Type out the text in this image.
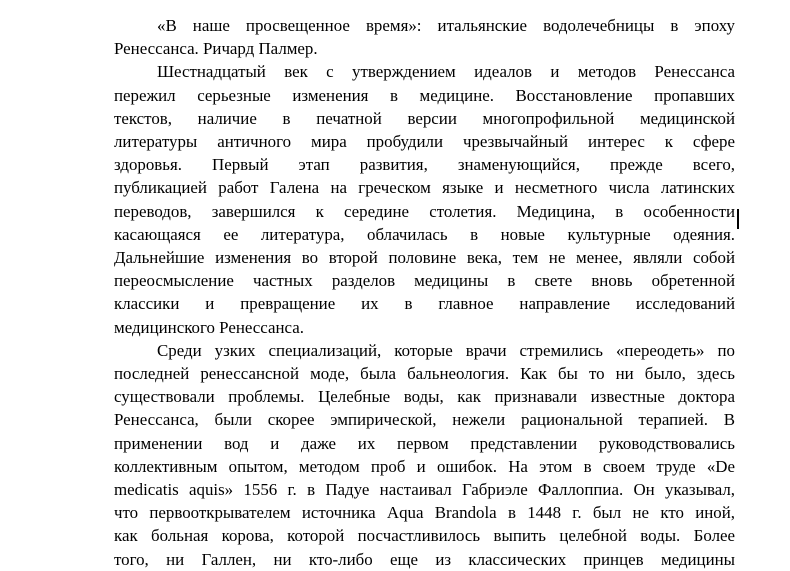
«В наше просвещенное время»: итальянские водолечебницы в эпоху
Ренессанса. Ричард Палмер.
Шестнадцатый век с утверждением идеалов и методов Ренессанса
пережил серьезные изменения в медицине. Восстановление пропавших
текстов, наличие в печатной версии многопрофильной медицинской
литературы античного мира пробудили чрезвычайный интерес к сфере
здоровья. Первый этап развития, знаменующийся, прежде всего,
публикацией работ Галена на греческом языке и несметного числа латинских
переводов, завершился к середине столетия. Медицина, в особенности
касающаяся ее литература, облачилась в новые культурные одеяния.
Дальнейшие изменения во второй половине века, тем не менее, являли собой
переосмысление частных разделов медицины в свете вновь обретенной
классики и превращение их в главное направление исследований
медицинского Ренессанса.
Среди узких специализаций, которые врачи стремились «переодеть» по
последней ренессансной моде, была бальнеология. Как бы то ни было, здесь
существовали проблемы. Целебные воды, как признавали известные доктора
Ренессанса, были скорее эмпирической, нежели рациональной терапией. В
применении вод и даже их первом представлении руководствовались
коллективным опытом, методом проб и ошибок. На этом в своем труде «De
medicatis aquis» 1556 г. в Падуе настаивал Габриэле Фаллоппиа. Он указывал,
что первооткрывателем источника Aqua Brandola в 1448 г. был не кто иной,
как больная корова, которой посчастливилось выпить целебной воды. Более
того, ни Галлен, ни кто-либо еще из классических принцев медицины
